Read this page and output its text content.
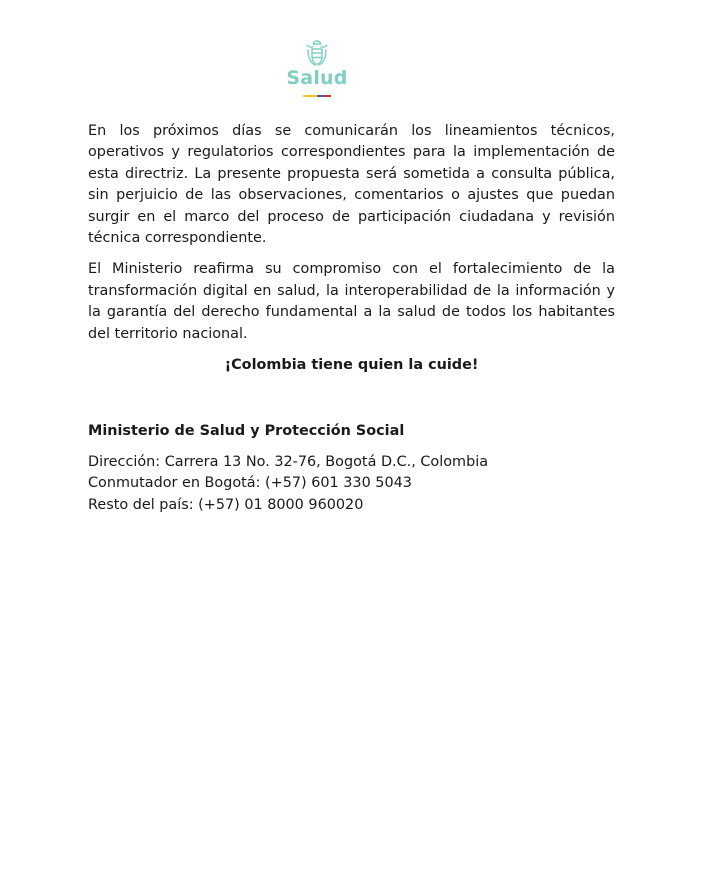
Salud

En los próximos días se comunicarán los lineamientos técnicos, operativos y regulatorios correspondientes para la implementación de esta directriz. La presente propuesta será sometida a consulta pública, sin perjuicio de las observaciones, comentarios o ajustes que puedan surgir en el marco del proceso de participación ciudadana y revisión técnica correspondiente.

El Ministerio reafirma su compromiso con el fortalecimiento de la transformación digital en salud, la interoperabilidad de la información y la garantía del derecho fundamental a la salud de todos los habitantes del territorio nacional.

¡Colombia tiene quien la cuide!

Ministerio de Salud y Protección Social

Dirección: Carrera 13 No. 32-76, Bogotá D.C., Colombia

Conmutador en Bogotá: (+57) 601 330 5043

Resto del país: (+57) 01 8000 960020
